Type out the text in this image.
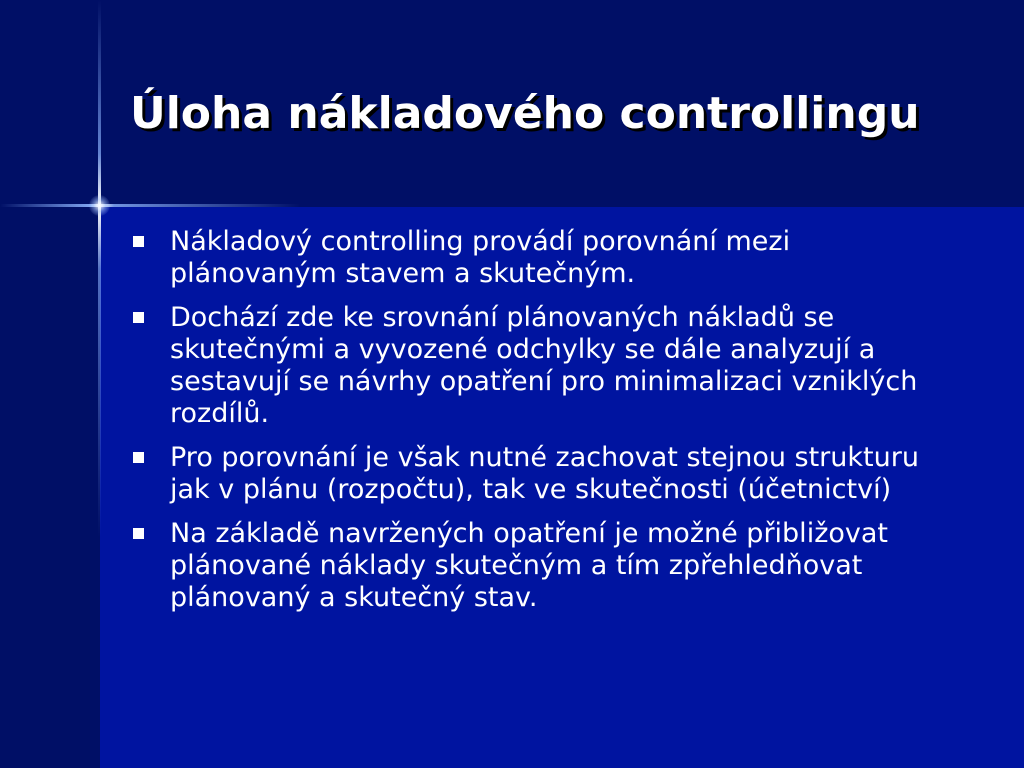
Úloha nákladového controllingu
Nákladový controlling provádí porovnání mezi plánovaným stavem a skutečným.
Dochází zde ke srovnání plánovaných nákladů se skutečnými a vyvozené odchylky se dále analyzují a sestavují se návrhy opatření pro minimalizaci vzniklých rozdílů.
Pro porovnání je však nutné zachovat stejnou strukturu jak v plánu (rozpočtu), tak ve skutečnosti (účetnictví)
Na základě navržených opatření je možné přibližovat plánované náklady skutečným a tím zpřehledňovat plánovaný a skutečný stav.
